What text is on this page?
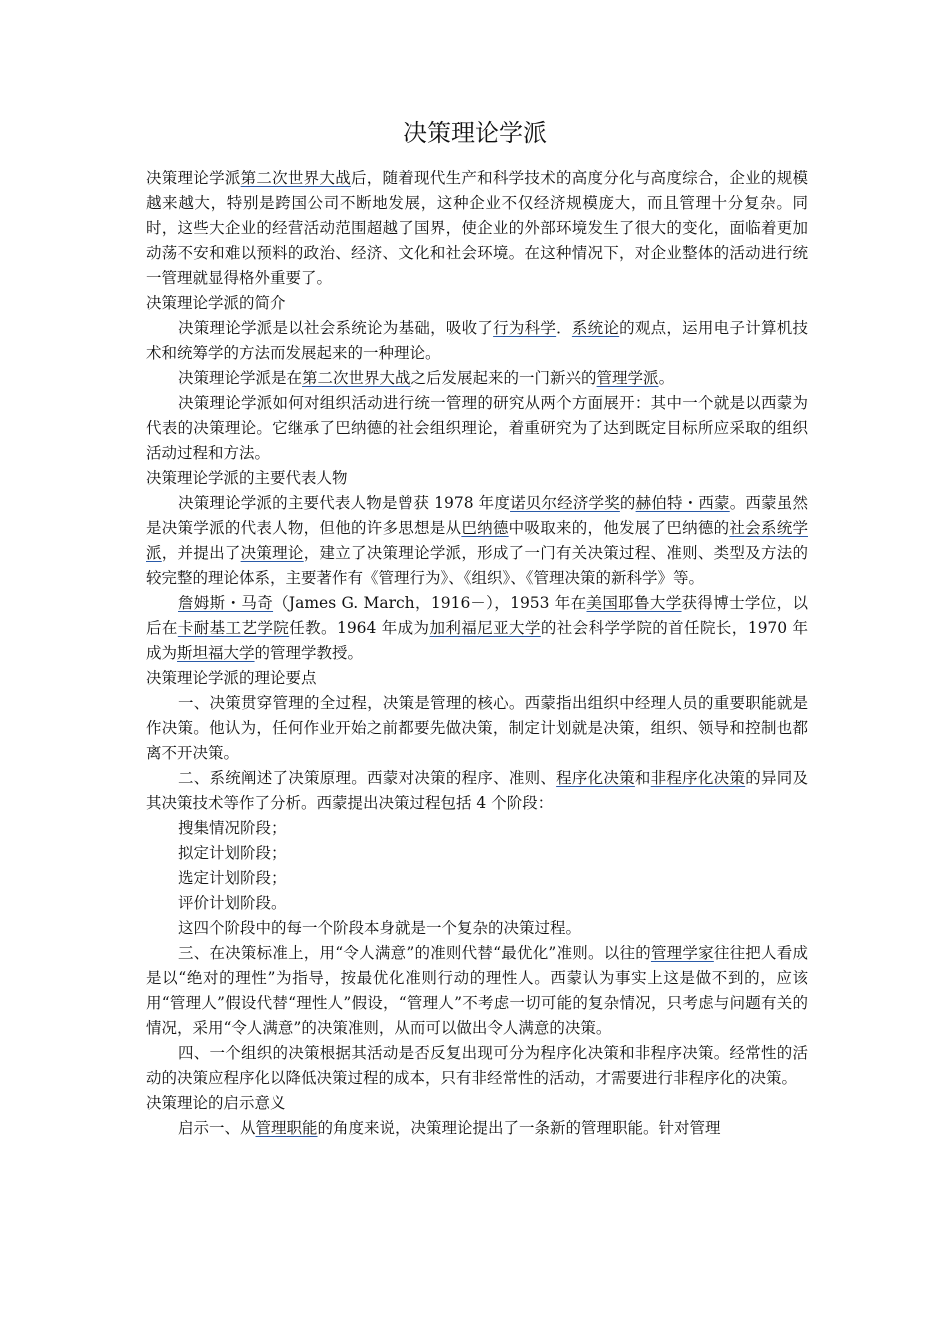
决策理论学派

决策理论学派第二次世界大战后，随着现代生产和科学技术的高度分化与高度综合，企业的规模越来越大，特别是跨国公司不断地发展，这种企业不仅经济规模庞大，而且管理十分复杂。同时，这些大企业的经营活动范围超越了国界，使企业的外部环境发生了很大的变化，面临着更加动荡不安和难以预料的政治、经济、文化和社会环境。在这种情况下，对企业整体的活动进行统一管理就显得格外重要了。

决策理论学派的简介

决策理论学派是以社会系统论为基础，吸收了行为科学．系统论的观点，运用电子计算机技术和统筹学的方法而发展起来的一种理论。

决策理论学派是在第二次世界大战之后发展起来的一门新兴的管理学派。

决策理论学派如何对组织活动进行统一管理的研究从两个方面展开：其中一个就是以西蒙为代表的决策理论。它继承了巴纳德的社会组织理论，着重研究为了达到既定目标所应采取的组织活动过程和方法。

决策理论学派的主要代表人物

决策理论学派的主要代表人物是曾获 1978 年度诺贝尔经济学奖的赫伯特・西蒙。西蒙虽然是决策学派的代表人物，但他的许多思想是从巴纳德中吸取来的，他发展了巴纳德的社会系统学派，并提出了决策理论，建立了决策理论学派，形成了一门有关决策过程、准则、类型及方法的较完整的理论体系，主要著作有《管理行为》、《组织》、《管理决策的新科学》等。

詹姆斯・马奇（James G. March，1916－），1953 年在美国耶鲁大学获得博士学位，以后在卡耐基工艺学院任教。1964 年成为加利福尼亚大学的社会科学学院的首任院长，1970 年成为斯坦福大学的管理学教授。

决策理论学派的理论要点

一、决策贯穿管理的全过程，决策是管理的核心。西蒙指出组织中经理人员的重要职能就是作决策。他认为，任何作业开始之前都要先做决策，制定计划就是决策，组织、领导和控制也都离不开决策。

二、系统阐述了决策原理。西蒙对决策的程序、准则、程序化决策和非程序化决策的异同及其决策技术等作了分析。西蒙提出决策过程包括 4 个阶段：

搜集情况阶段；

拟定计划阶段；

选定计划阶段；

评价计划阶段。

这四个阶段中的每一个阶段本身就是一个复杂的决策过程。

三、在决策标准上，用“令人满意”的准则代替“最优化”准则。以往的管理学家往往把人看成是以“绝对的理性”为指导，按最优化准则行动的理性人。西蒙认为事实上这是做不到的，应该用“管理人”假设代替“理性人”假设，“管理人”不考虑一切可能的复杂情况，只考虑与问题有关的情况，采用“令人满意”的决策准则，从而可以做出令人满意的决策。

四、一个组织的决策根据其活动是否反复出现可分为程序化决策和非程序决策。经常性的活动的决策应程序化以降低决策过程的成本，只有非经常性的活动，才需要进行非程序化的决策。

决策理论的启示意义

启示一、从管理职能的角度来说，决策理论提出了一条新的管理职能。针对管理
